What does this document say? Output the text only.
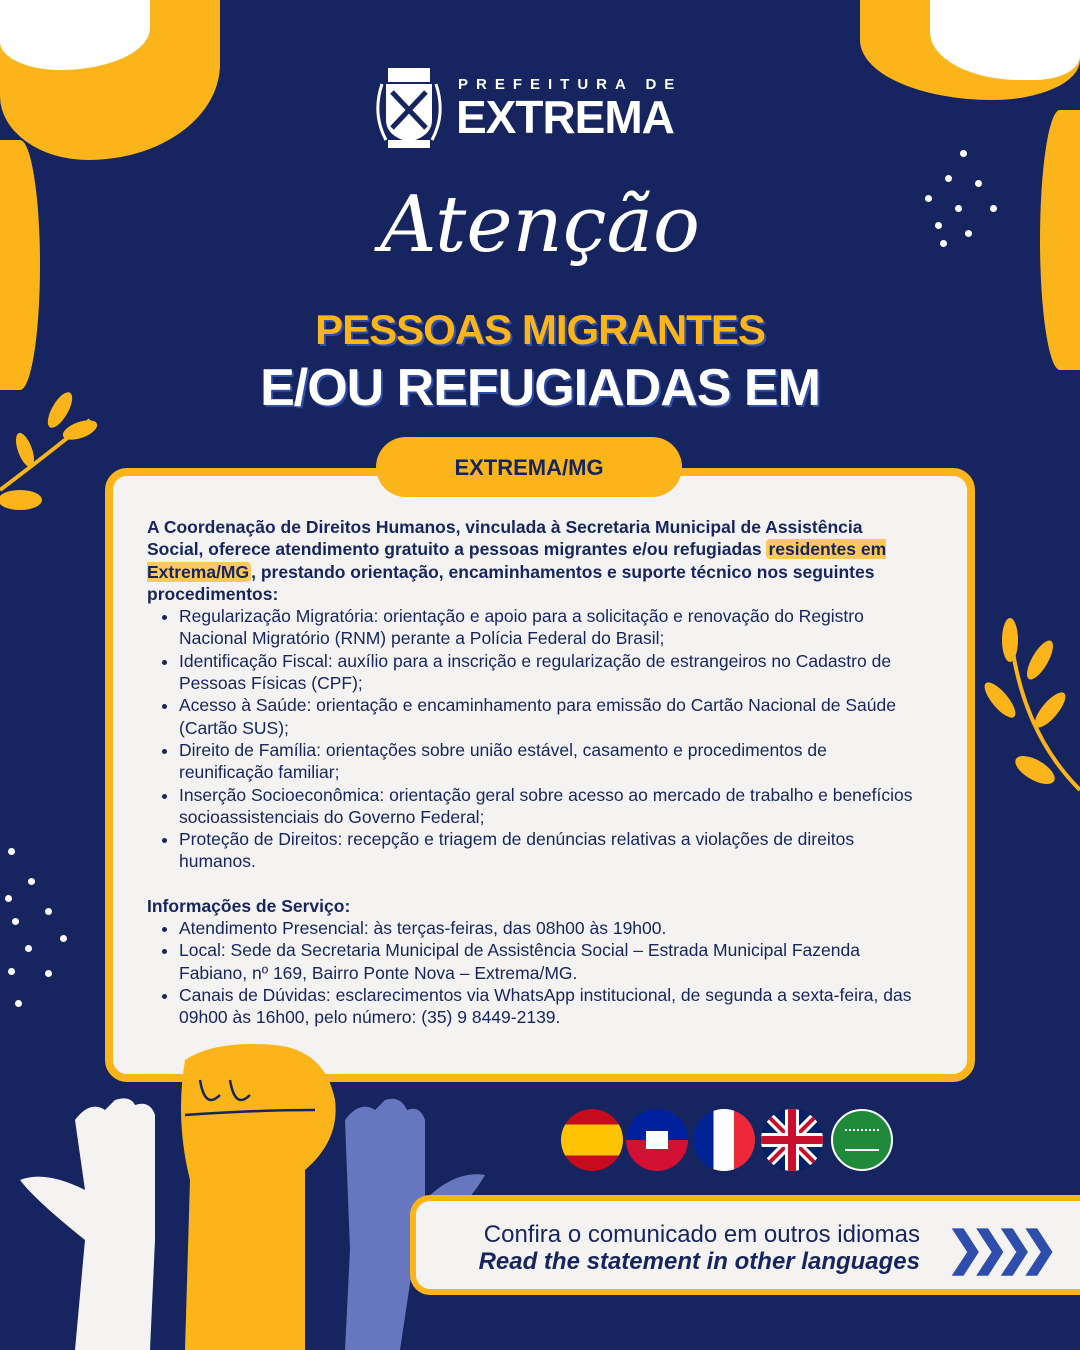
PREFEITURA DE
EXTREMA
Atenção
PESSOAS MIGRANTES
E/OU REFUGIADAS EM
EXTREMA/MG

A Coordenação de Direitos Humanos, vinculada à Secretaria Municipal de Assistência Social, oferece atendimento gratuito a pessoas migrantes e/ou refugiadas residentes em Extrema/MG , prestando orientação, encaminhamentos e suporte técnico nos seguintes procedimentos:

• Regularização Migratória: orientação e apoio para a solicitação e renovação do Registro Nacional Migratório (RNM) perante a Polícia Federal do Brasil;
• Identificação Fiscal: auxílio para a inscrição e regularização de estrangeiros no Cadastro de Pessoas Físicas (CPF);
• Acesso à Saúde: orientação e encaminhamento para emissão do Cartão Nacional de Saúde (Cartão SUS);
• Direito de Família: orientações sobre união estável, casamento e procedimentos de reunificação familiar;
• Inserção Socioeconômica: orientação geral sobre acesso ao mercado de trabalho e benefícios socioassistenciais do Governo Federal;
• Proteção de Direitos: recepção e triagem de denúncias relativas a violações de direitos humanos.

Informações de Serviço:

• Atendimento Presencial: às terças-feiras, das 08h00 às 19h00.
• Local: Sede da Secretaria Municipal de Assistência Social – Estrada Municipal Fazenda Fabiano, nº 169, Bairro Ponte Nova – Extrema/MG.
• Canais de Dúvidas: esclarecimentos via WhatsApp institucional, de segunda a sexta-feira, das 09h00 às 16h00, pelo número: (35) 9 8449-2139.
Confira o comunicado em outros idiomas
Read the statement in other languages ❯❯❯❯
